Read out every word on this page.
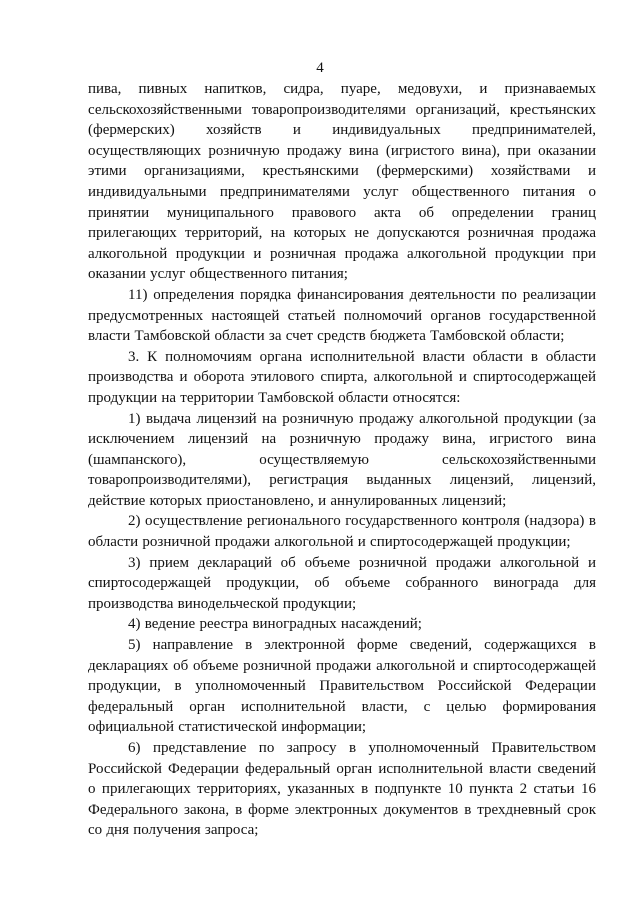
4

пива, пивных напитков, сидра, пуаре, медовухи, и признаваемых сельскохозяйственными товаропроизводителями организаций, крестьянских (фермерских) хозяйств и индивидуальных предпринимателей, осуществляющих розничную продажу вина (игристого вина), при оказании этими организациями, крестьянскими (фермерскими) хозяйствами и индивидуальными предпринимателями услуг общественного питания о принятии муниципального правового акта об определении границ прилегающих территорий, на которых не допускаются розничная продажа алкогольной продукции и розничная продажа алкогольной продукции при оказании услуг общественного питания;

11) определения порядка финансирования деятельности по реализации предусмотренных настоящей статьей полномочий органов государственной власти Тамбовской области за счет средств бюджета Тамбовской области;

3. К полномочиям органа исполнительной власти области в области производства и оборота этилового спирта, алкогольной и спиртосодержащей продукции на территории Тамбовской области относятся:

1) выдача лицензий на розничную продажу алкогольной продукции (за исключением лицензий на розничную продажу вина, игристого вина (шампанского), осуществляемую сельскохозяйственными товаропроизводителями), регистрация выданных лицензий, лицензий, действие которых приостановлено, и аннулированных лицензий;

2) осуществление регионального государственного контроля (надзора) в области розничной продажи алкогольной и спиртосодержащей продукции;

3) прием деклараций об объеме розничной продажи алкогольной и спиртосодержащей продукции, об объеме собранного винограда для производства винодельческой продукции;

4) ведение реестра виноградных насаждений;

5) направление в электронной форме сведений, содержащихся в декларациях об объеме розничной продажи алкогольной и спиртосодержащей продукции, в уполномоченный Правительством Российской Федерации федеральный орган исполнительной власти, с целью формирования официальной статистической информации;

6) представление по запросу в уполномоченный Правительством Российской Федерации федеральный орган исполнительной власти сведений о прилегающих территориях, указанных в подпункте 10 пункта 2 статьи 16 Федерального закона, в форме электронных документов в трехдневный срок со дня получения запроса;
